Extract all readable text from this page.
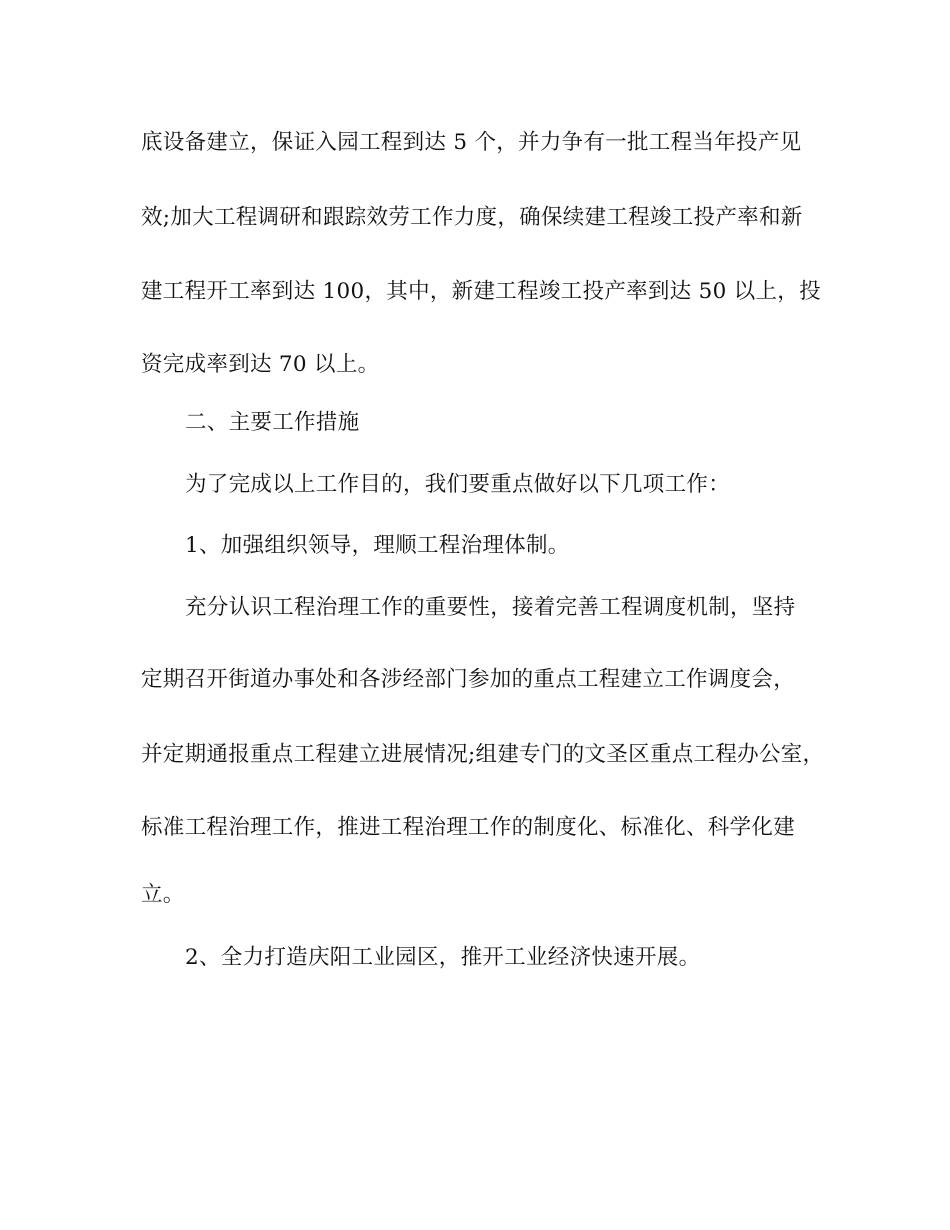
底设备建立，保证入园工程到达 5 个，并力争有一批工程当年投产见
效;加大工程调研和跟踪效劳工作力度，确保续建工程竣工投产率和新
建工程开工率到达 100，其中，新建工程竣工投产率到达 50 以上，投
资完成率到达 70 以上。
二、主要工作措施
为了完成以上工作目的，我们要重点做好以下几项工作：
1、加强组织领导，理顺工程治理体制。
充分认识工程治理工作的重要性，接着完善工程调度机制，坚持
定期召开街道办事处和各涉经部门参加的重点工程建立工作调度会，
并定期通报重点工程建立进展情况;组建专门的文圣区重点工程办公室，
标准工程治理工作，推进工程治理工作的制度化、标准化、科学化建
立。
2、全力打造庆阳工业园区，推开工业经济快速开展。
